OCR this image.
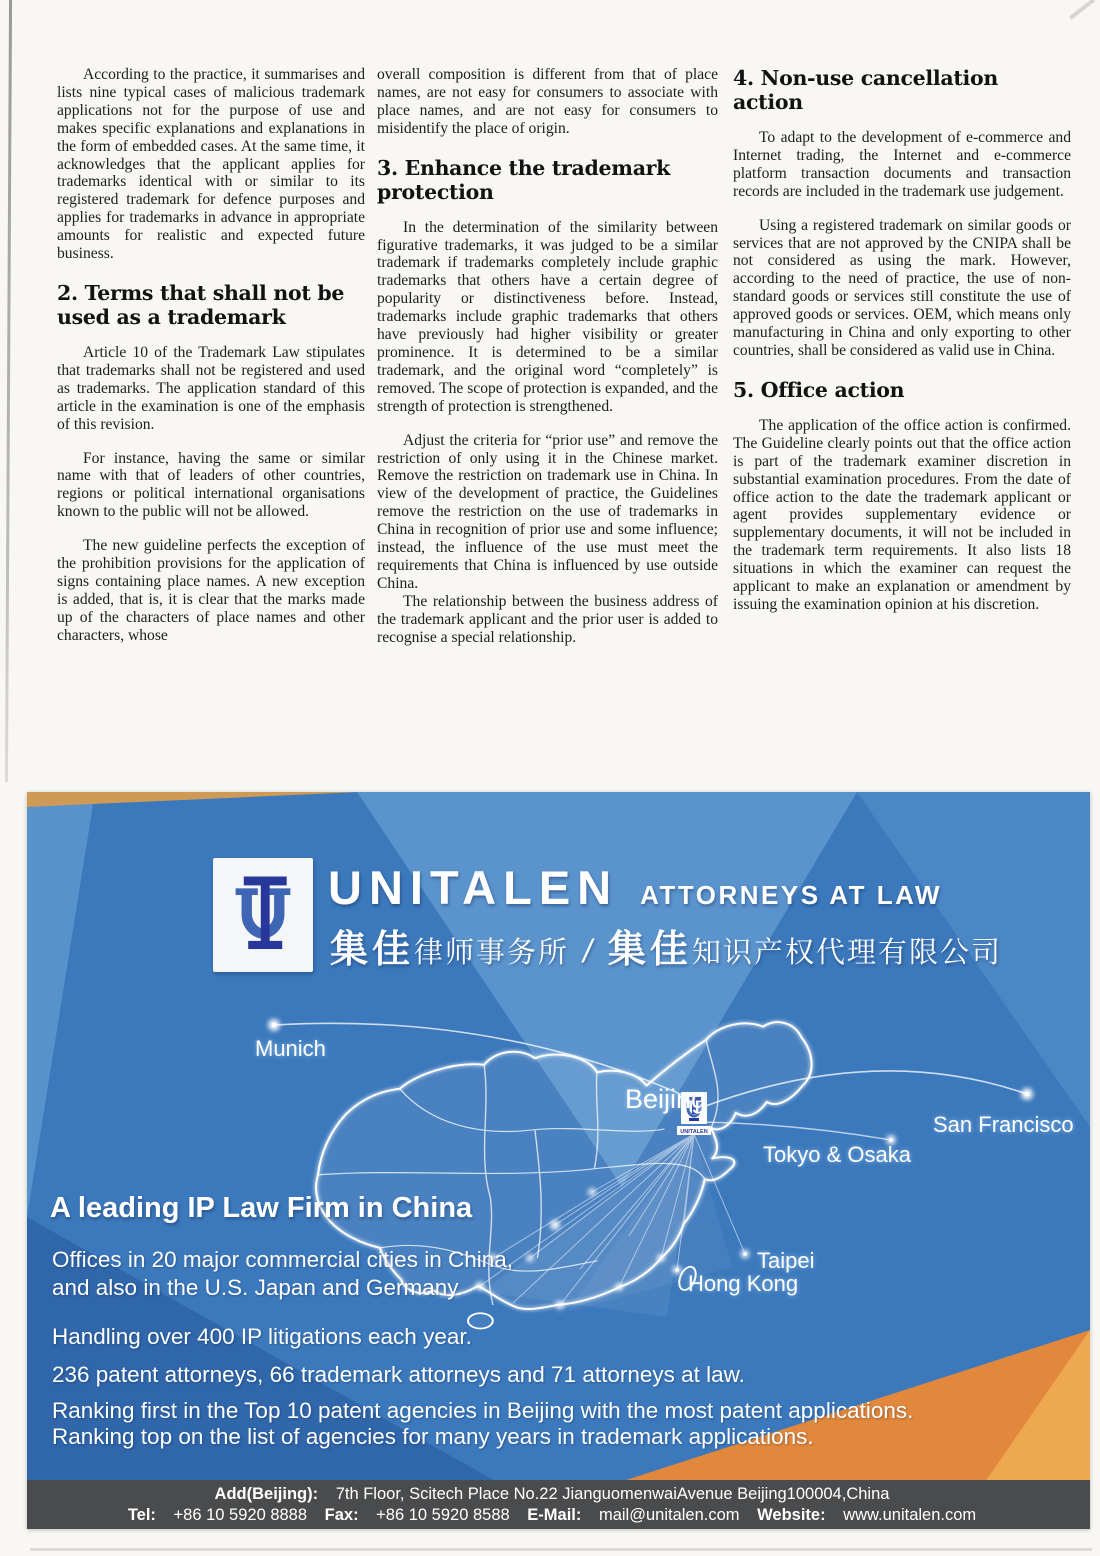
According to the practice, it summarises and lists nine typical cases of malicious trademark applications not for the purpose of use and makes specific explanations and explanations in the form of embedded cases. At the same time, it acknowledges that the applicant applies for trademarks identical with or similar to its registered trademark for defence purposes and applies for trademarks in advance in appropriate amounts for realistic and expected future business.

2. Terms that shall not be used as a trademark

Article 10 of the Trademark Law stipulates that trademarks shall not be registered and used as trademarks. The application standard of this article in the examination is one of the emphasis of this revision.

For instance, having the same or similar name with that of leaders of other countries, regions or political international organisations known to the public will not be allowed.

The new guideline perfects the exception of the prohibition provisions for the application of signs containing place names. A new exception is added, that is, it is clear that the marks made up of the characters of place names and other characters, whose

overall composition is different from that of place names, are not easy for consumers to associate with place names, and are not easy for consumers to misidentify the place of origin.

3. Enhance the trademark protection

In the determination of the similarity between figurative trademarks, it was judged to be a similar trademark if trademarks completely include graphic trademarks that others have a certain degree of popularity or distinctiveness before. Instead, trademarks include graphic trademarks that others have previously had higher visibility or greater prominence. It is determined to be a similar trademark, and the original word “completely” is removed. The scope of protection is expanded, and the strength of protection is strengthened.

Adjust the criteria for “prior use” and remove the restriction of only using it in the Chinese market. Remove the restriction on trademark use in China. In view of the development of practice, the Guidelines remove the restriction on the use of trademarks in China in recognition of prior use and some influence; instead, the influence of the use must meet the requirements that China is influenced by use outside China.

The relationship between the business address of the trademark applicant and the prior user is added to recognise a special relationship.

4. Non-use cancellation action

To adapt to the development of e-commerce and Internet trading, the Internet and e-commerce platform transaction documents and transaction records are included in the trademark use judgement.

Using a registered trademark on similar goods or services that are not approved by the CNIPA shall be not considered as using the mark. However, according to the need of practice, the use of non-standard goods or services still constitute the use of approved goods or services. OEM, which means only manufacturing in China and only exporting to other countries, shall be considered as valid use in China.

5. Office action

The application of the office action is confirmed. The Guideline clearly points out that the office action is part of the trademark examiner discretion in substantial examination procedures. From the date of office action to the date the trademark applicant or agent provides supplementary evidence or supplementary documents, it will not be included in the trademark term requirements. It also lists 18 situations in which the examiner can request the applicant to make an explanation or amendment by issuing the examination opinion at his discretion.

UNITALEN
UNITALEN ATTORNEYS AT LAW
集佳律师事务所 / 集佳知识产权代理有限公司
Munich
Beijing
San Francisco
Tokyo & Osaka
Taipei
Hong Kong
A leading IP Law Firm in China
Offices in 20 major commercial cities in China,
and also in the U.S. Japan and Germany.
Handling over 400 IP litigations each year.
236 patent attorneys, 66 trademark attorneys and 71 attorneys at law.
Ranking first in the Top 10 patent agencies in Beijing with the most patent applications.
Ranking top on the list of agencies for many years in trademark applications.
Add(Beijing): 7th Floor, Scitech Place No.22 JianguomenwaiAvenue Beijing100004,China
Tel: +86 10 5920 8888 Fax: +86 10 5920 8588 E-Mail: mail@unitalen.com Website: www.unitalen.com
